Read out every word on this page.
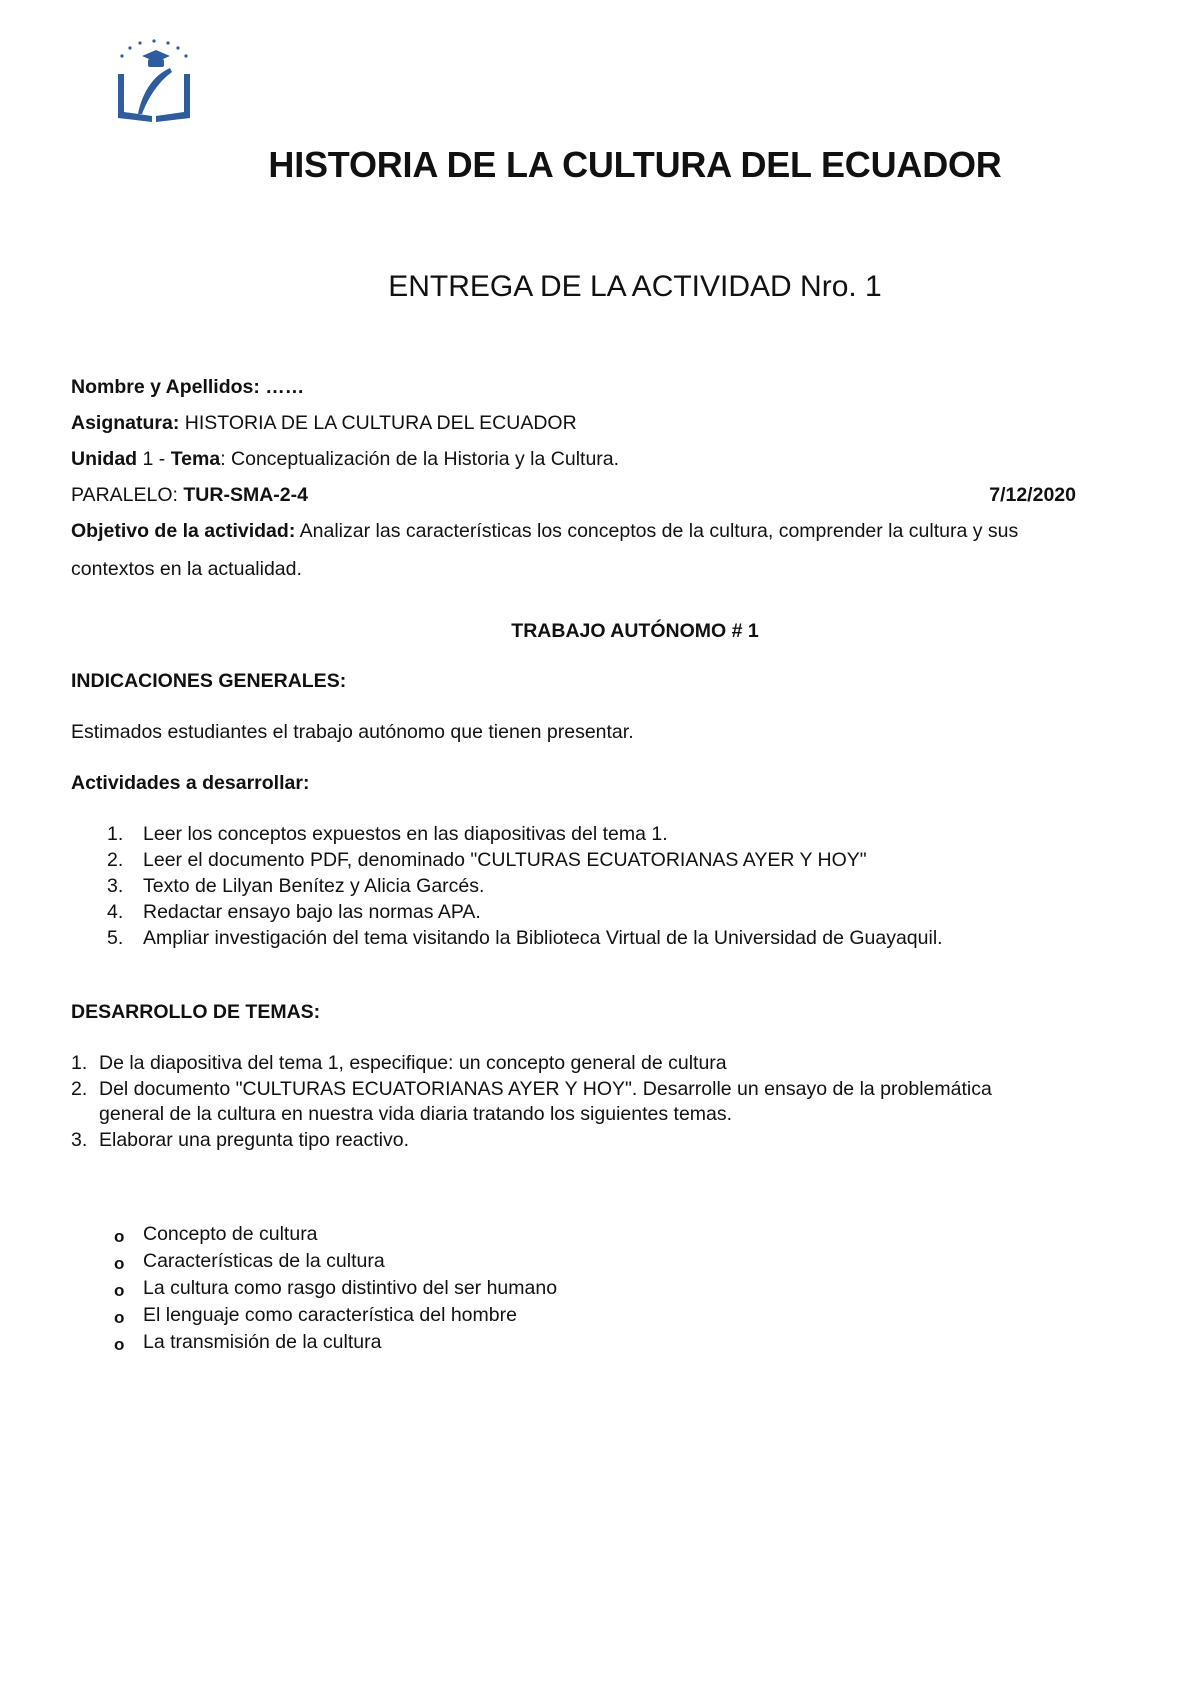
HISTORIA DE LA CULTURA DEL ECUADOR
ENTREGA DE LA ACTIVIDAD Nro. 1
Nombre y Apellidos: ……
Asignatura: HISTORIA DE LA CULTURA DEL ECUADOR
Unidad 1 - Tema: Conceptualización de la Historia y la Cultura.
PARALELO: TUR-SMA-2-4	7/12/2020
Objetivo de la actividad: Analizar las características los conceptos de la cultura, comprender la cultura y sus
contextos en la actualidad.
TRABAJO AUTÓNOMO # 1
INDICACIONES GENERALES:
Estimados estudiantes el trabajo autónomo que tienen presentar.
Actividades a desarrollar:
1. Leer los conceptos expuestos en las diapositivas del tema 1.
2. Leer el documento PDF, denominado "CULTURAS ECUATORIANAS AYER Y HOY"
3. Texto de Lilyan Benítez y Alicia Garcés.
4. Redactar ensayo bajo las normas APA.
5. Ampliar investigación del tema visitando la Biblioteca Virtual de la Universidad de Guayaquil.
DESARROLLO DE TEMAS:
1. De la diapositiva del tema 1, especifique: un concepto general de cultura
2. Del documento "CULTURAS ECUATORIANAS AYER Y HOY". Desarrolle un ensayo de la problemática
general de la cultura en nuestra vida diaria tratando los siguientes temas.
3. Elaborar una pregunta tipo reactivo.
o Concepto de cultura
o Características de la cultura
o La cultura como rasgo distintivo del ser humano
o El lenguaje como característica del hombre
o La transmisión de la cultura
